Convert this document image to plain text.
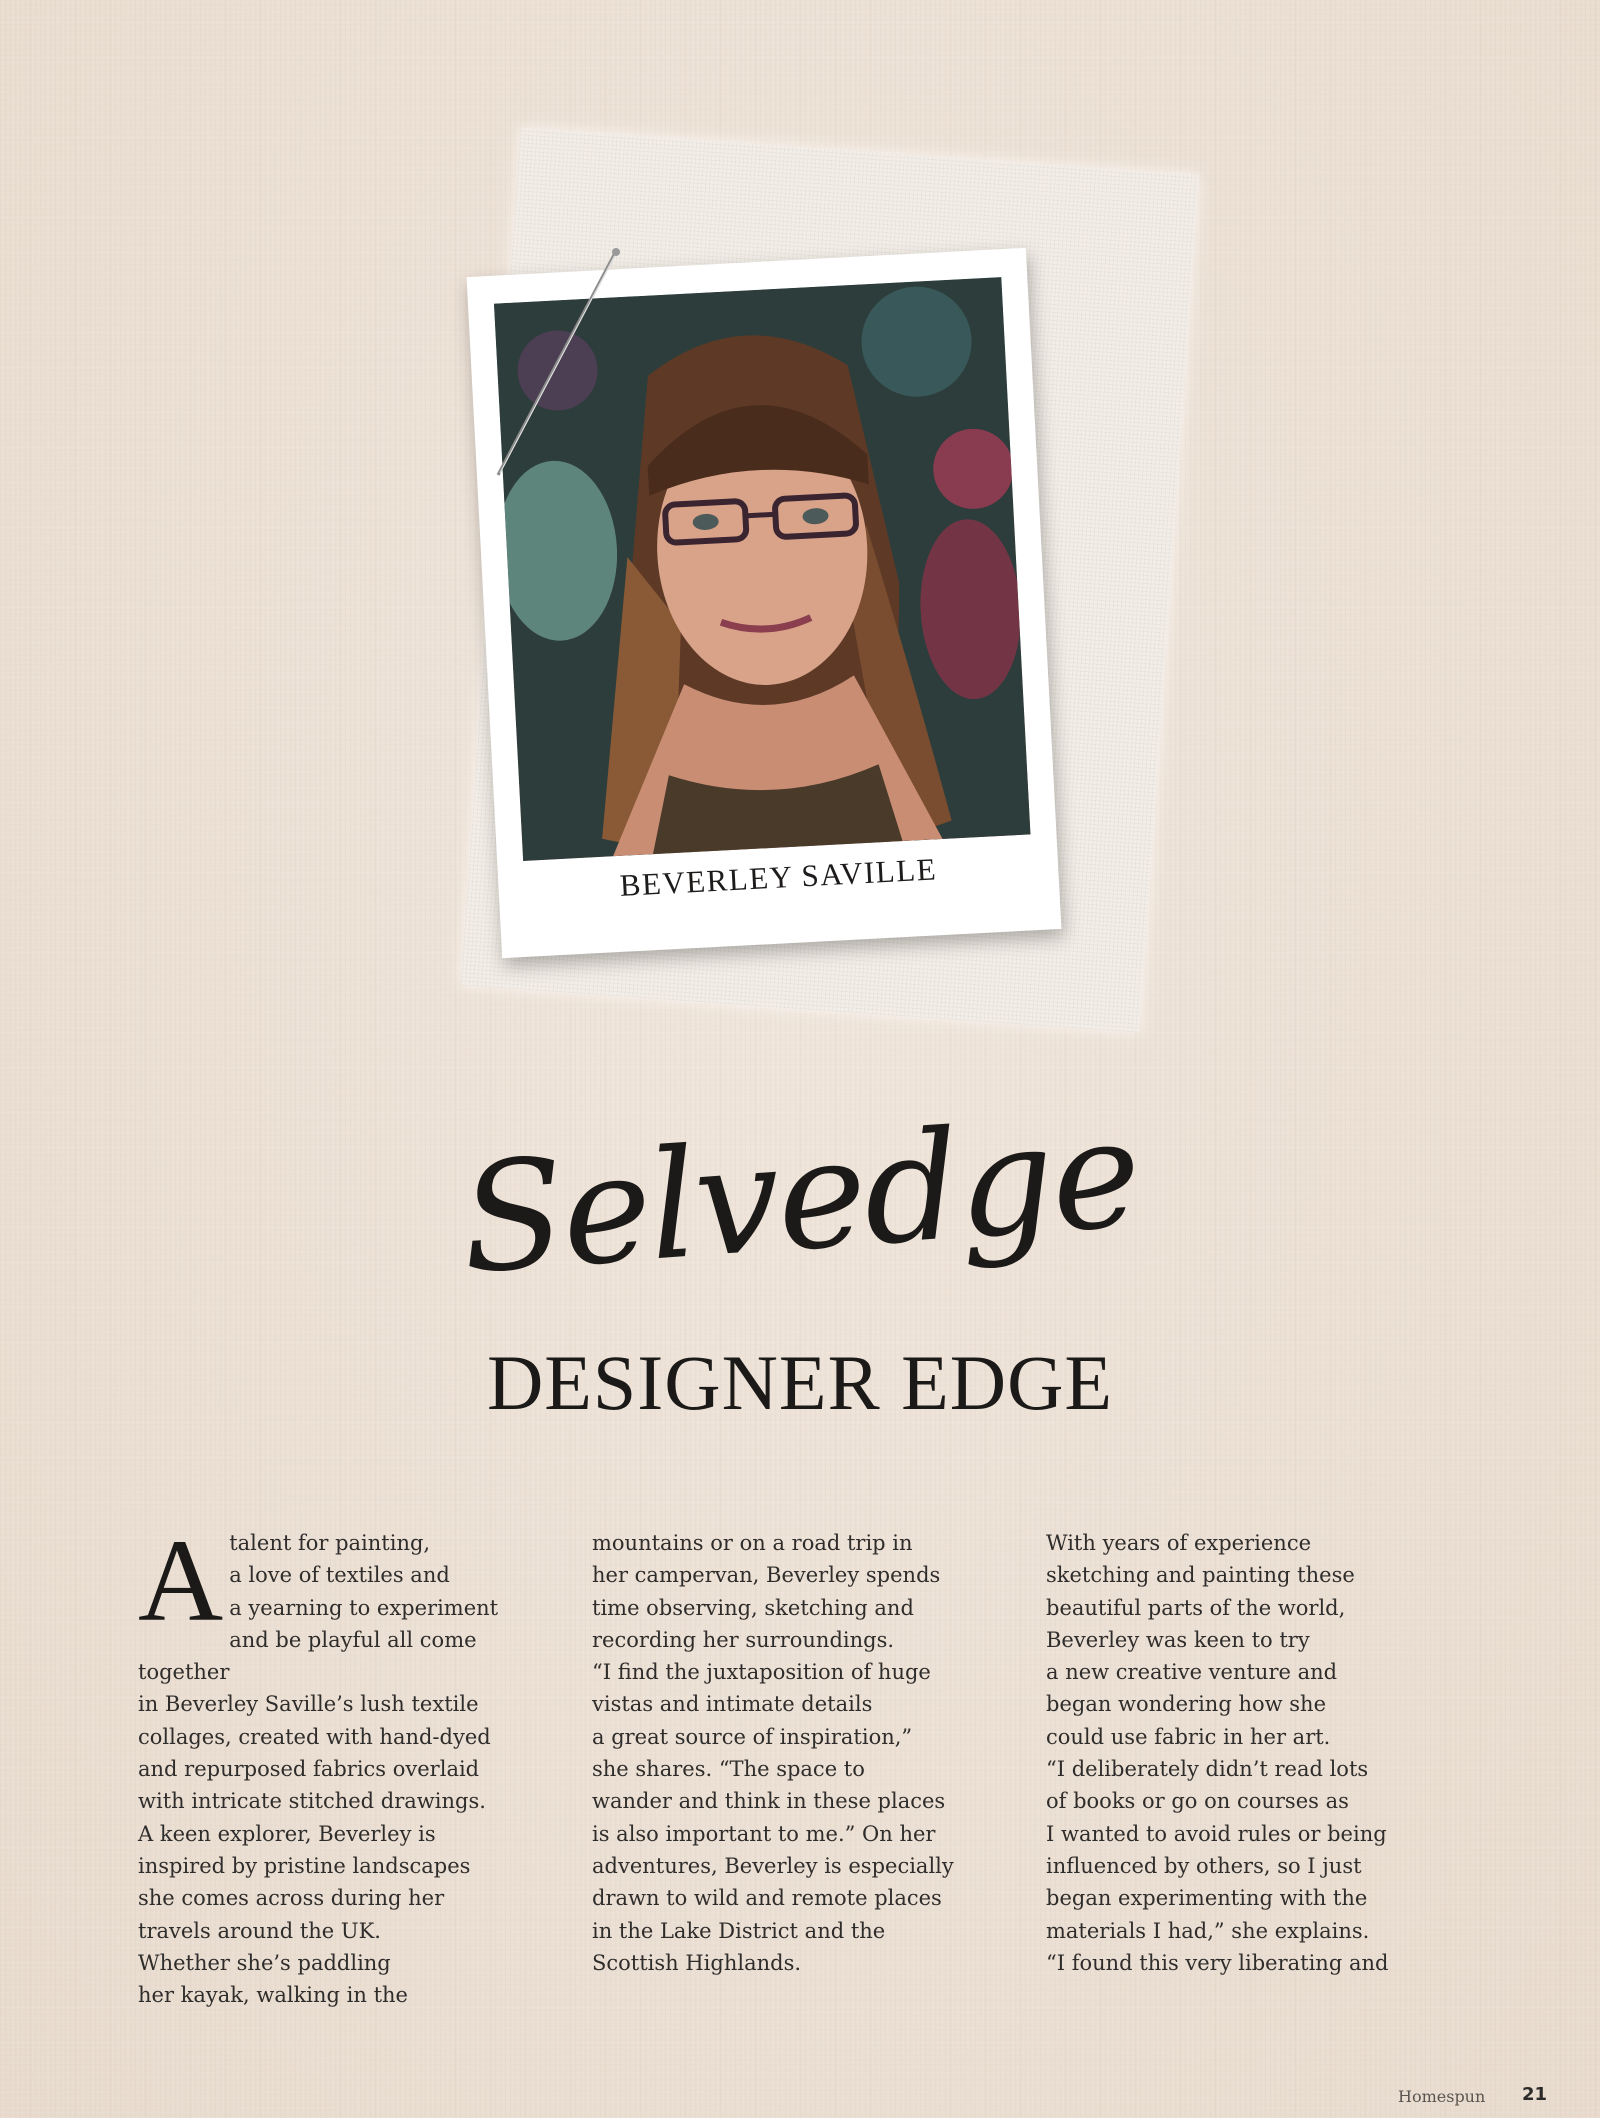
BEVERLEY SAVILLE
Selvedge
DESIGNER EDGE
Atalent for painting,
a love of textiles and
a yearning to experiment
and be playful all come together
in Beverley Saville’s lush textile
collages, created with hand-dyed
and repurposed fabrics overlaid
with intricate stitched drawings.
A keen explorer, Beverley is
inspired by pristine landscapes
she comes across during her
travels around the UK.
Whether she’s paddling
her kayak, walking in the
mountains or on a road trip in
her campervan, Beverley spends
time observing, sketching and
recording her surroundings.
“I find the juxtaposition of huge
vistas and intimate details
a great source of inspiration,”
she shares. “The space to
wander and think in these places
is also important to me.” On her
adventures, Beverley is especially
drawn to wild and remote places
in the Lake District and the
Scottish Highlands.
With years of experience
sketching and painting these
beautiful parts of the world,
Beverley was keen to try
a new creative venture and
began wondering how she
could use fabric in her art.
“I deliberately didn’t read lots
of books or go on courses as
I wanted to avoid rules or being
influenced by others, so I just
began experimenting with the
materials I had,” she explains.
“I found this very liberating and
Homespun 21
